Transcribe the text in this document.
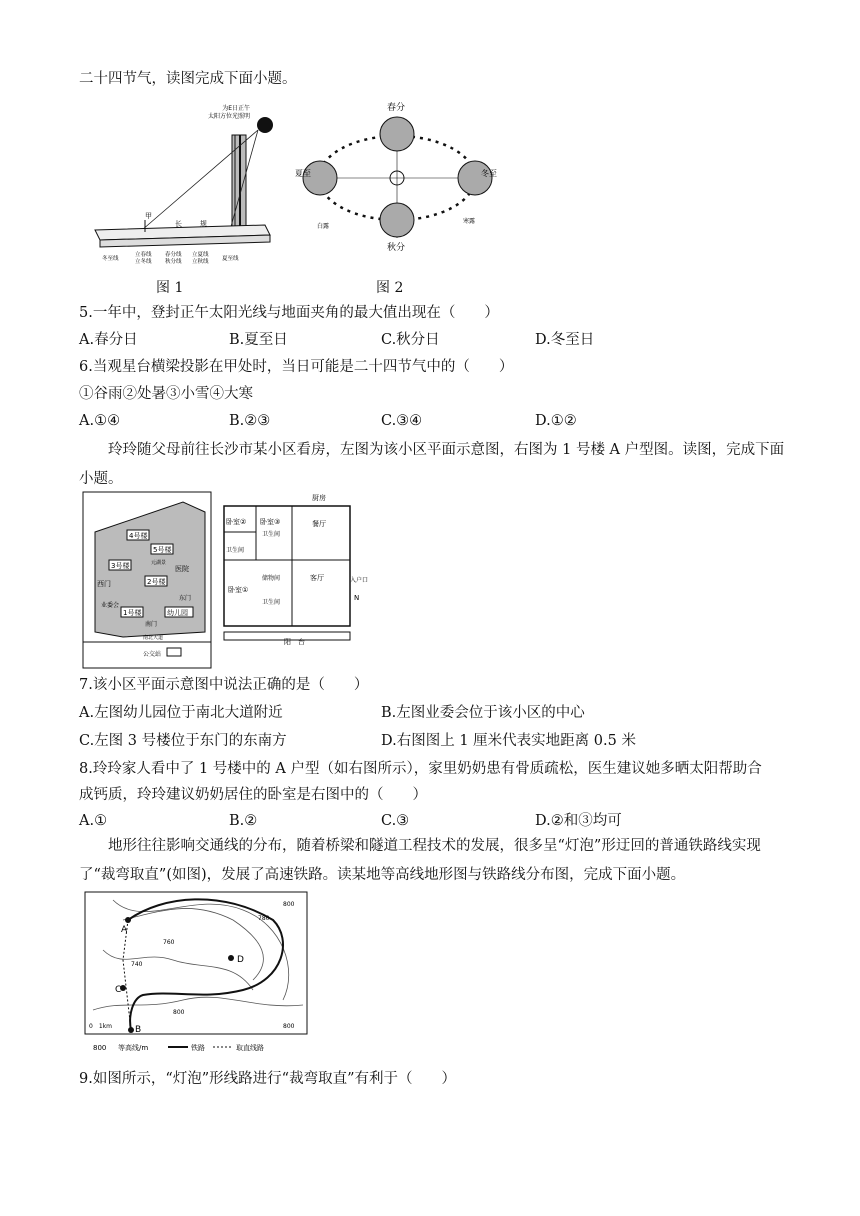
二十四节气，读图完成下面小题。
为E日正午
太阳方位光照明
甲
长	规
冬至线
立春线
立冬线
春分线
秋分线
立夏线
立秋线 夏至线
图 1
春分
夏至	冬至
秋分
白露
寒露
图 2
5.一年中，登封正午太阳光线与地面夹角的最大值出现在（　　）
A.春分日	B.夏至日	C.秋分日	D.冬至日
6.当观星台横梁投影在甲处时，当日可能是二十四节气中的（　　）
①谷雨②处暑③小雪④大寒
A.①④	B.②③	C.③④	D.①②
玲玲随父母前往长沙市某小区看房，左图为该小区平面示意图，右图为 1 号楼 A 户型图。读图，完成下面小题。
4号楼
5号楼
3号楼
2号楼
1号楼
医院
元湖景
幼儿园
西门
东门
南门
业委会
南北大道
公交站
卧室② 卧室③
卫生间
厨房
餐厅
卫生间
储物间
卧室①
客厅
卫生间
入户口
阳　台
N
7.该小区平面示意图中说法正确的是（　　）
A.左图幼儿园位于南北大道附近	B.左图业委会位于该小区的中心
C.左图 3 号楼位于东门的东南方	D.右图图上 1 厘米代表实地距离 0.5 米
8.玲玲家人看中了 1 号楼中的 A 户型（如右图所示），家里奶奶患有骨质疏松，医生建议她多晒太阳帮助合
成钙质，玲玲建议奶奶居住的卧室是右图中的（　　）
A.①	B.②	C.③	D.②和③均可
地形往往影响交通线的分布，随着桥梁和隧道工程技术的发展，很多呈“灯泡”形迂回的普通铁路线实现了“裁弯取直”(如图)，发展了高速铁路。读某地等高线地形图与铁路线分布图，完成下面小题。
A
B
C
D
800
780
760
740
800
800
0　1km
800 等高线/m	铁路	取直线路
9.如图所示，“灯泡”形线路进行“裁弯取直”有利于（　　）
